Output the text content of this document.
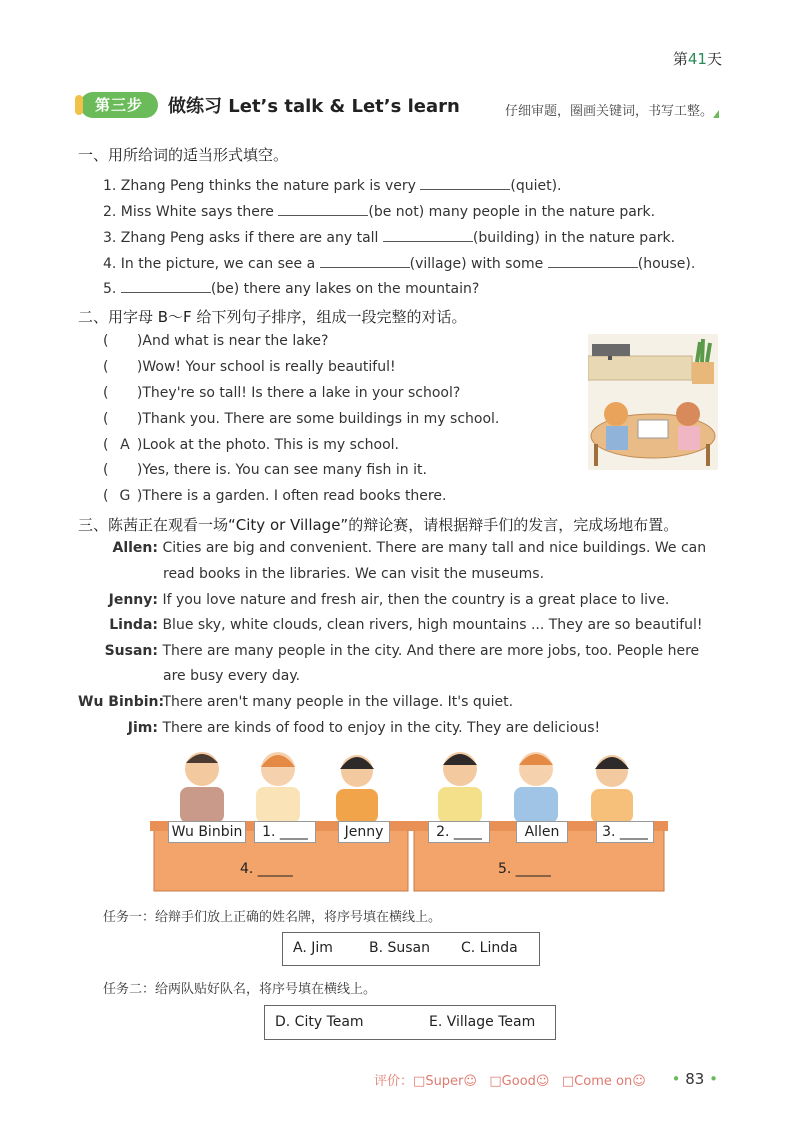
第41天
第三步	做练习 Let’s talk & Let’s learn	仔细审题，圈画关键词，书写工整。
一、用所给词的适当形式填空。
1. Zhang Peng thinks the nature park is very	(quiet).
2. Miss White says there	(be not) many people in the nature park.
3. Zhang Peng asks if there are any tall	(building) in the nature park.
4. In the picture, we can see a	(village) with some	(house).
5.	(be) there any lakes on the mountain?
二、用字母 B～F 给下列句子排序，组成一段完整的对话。
( )And what is near the lake?
( )Wow! Your school is really beautiful!
( )They're so tall! Is there a lake in your school?
( )Thank you. There are some buildings in my school.
( A )Look at the photo. This is my school.
( )Yes, there is. You can see many fish in it.
( G )There is a garden. I often read books there.
三、陈茜正在观看一场“City or Village”的辩论赛，请根据辩手们的发言，完成场地布置。
Allen: Cities are big and convenient. There are many tall and nice buildings. We can
read books in the libraries. We can visit the museums.
Jenny: If you love nature and fresh air, then the country is a great place to live.
Linda: Blue sky, white clouds, clean rivers, high mountains ... They are so beautiful!
Susan: There are many people in the city. And there are more jobs, too. People here
are busy every day.
Wu Binbin: There aren't many people in the village. It's quiet.
Jim: There are kinds of food to enjoy in the city. They are delicious!
Wu Binbin	1. ____	Jenny	2. ____	Allen	3. ____
4. _____	5. _____
任务一：给辩手们放上正确的姓名牌，将序号填在横线上。
A. Jim	B. Susan C. Linda
任务二：给两队贴好队名，将序号填在横线上。
D. City Team	E. Village Team
评价：□Super☺ □Good☺ □Come on☺ • 83 •
